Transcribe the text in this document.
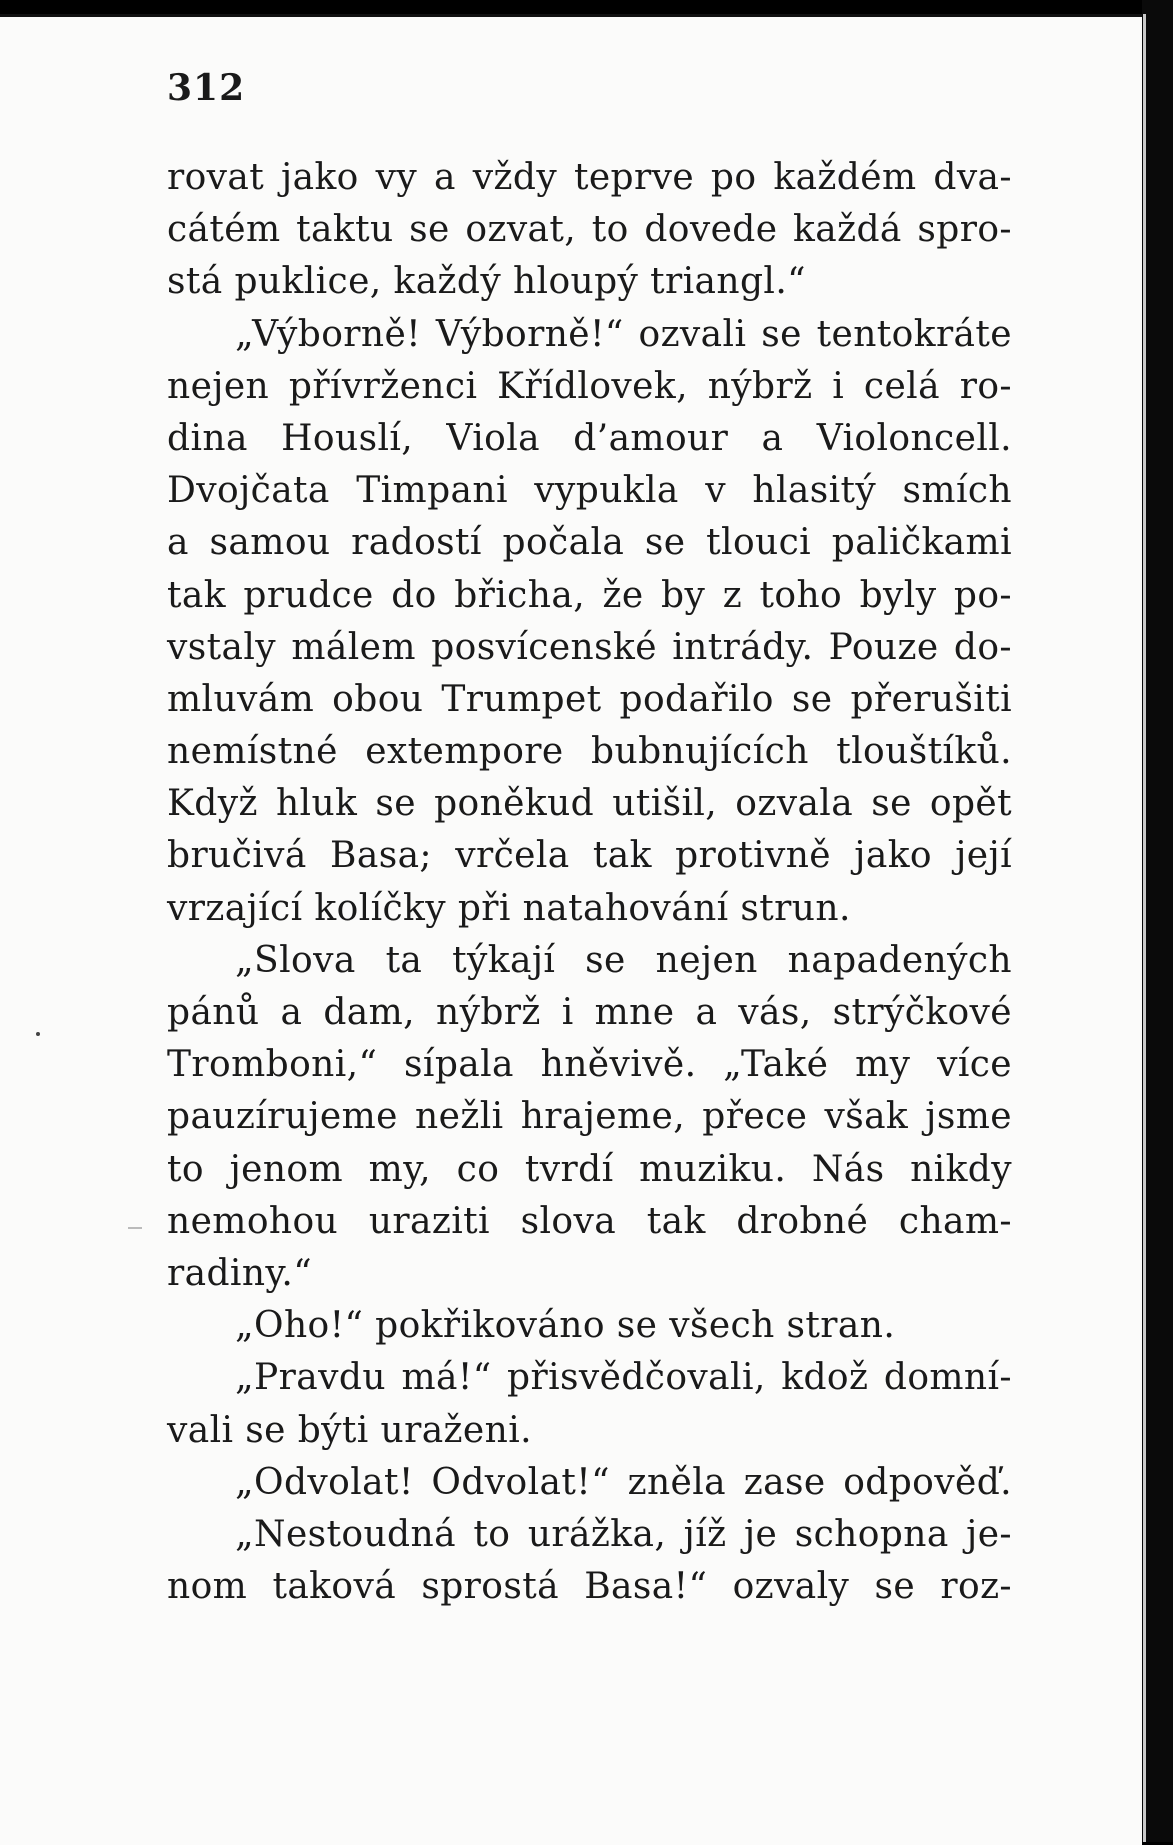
312
rovat jako vy a vždy teprve po každém dva-
cátém taktu se ozvat, to dovede každá spro-
stá puklice, každý hloupý triangl.“
„Výborně! Výborně!“ ozvali se tentokráte
nejen přívrženci Křídlovek, nýbrž i celá ro-
dina Houslí, Viola d’amour a Violoncell.
Dvojčata Timpani vypukla v hlasitý smích
a samou radostí počala se tlouci paličkami
tak prudce do břicha, že by z toho byly po-
vstaly málem posvícenské intrády. Pouze do-
mluvám obou Trumpet podařilo se přerušiti
nemístné extempore bubnujících tlouštíků.
Když hluk se poněkud utišil, ozvala se opět
bručivá Basa; vrčela tak protivně jako její
vrzající kolíčky při natahování strun.
„Slova ta týkají se nejen napadených
pánů a dam, nýbrž i mne a vás, strýčkové
Tromboni,“ sípala hněvivě. „Také my více
pauzírujeme nežli hrajeme, přece však jsme
to jenom my, co tvrdí muziku. Nás nikdy
nemohou uraziti slova tak drobné cham-
radiny.“
„Oho!“ pokřikováno se všech stran.
„Pravdu má!“ přisvědčovali, kdož domní-
vali se býti uraženi.
„Odvolat! Odvolat!“ zněla zase odpověď.
„Nestoudná to urážka, jíž je schopna je-
nom taková sprostá Basa!“ ozvaly se roz-
